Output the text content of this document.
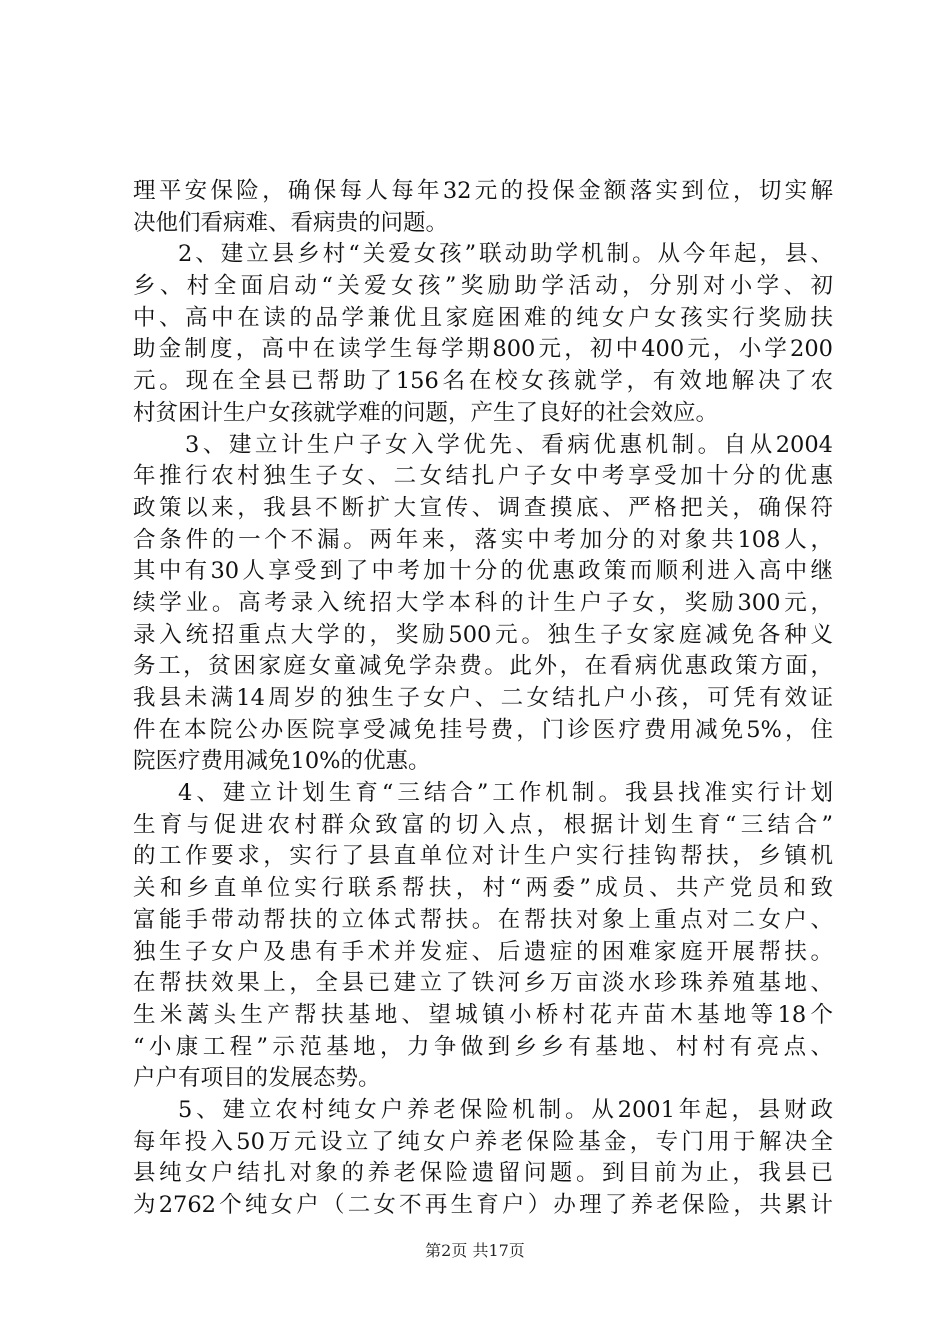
理平安保险，确保每人每年32元的投保金额落实到位，切实解
决他们看病难、看病贵的问题。
2、建立县乡村“关爱女孩”联动助学机制。从今年起，县、
乡、村全面启动“关爱女孩”奖励助学活动，分别对小学、初
中、高中在读的品学兼优且家庭困难的纯女户女孩实行奖励扶
助金制度，高中在读学生每学期800元，初中400元，小学200
元。现在全县已帮助了156名在校女孩就学，有效地解决了农
村贫困计生户女孩就学难的问题，产生了良好的社会效应。
3、建立计生户子女入学优先、看病优惠机制。自从2004
年推行农村独生子女、二女结扎户子女中考享受加十分的优惠
政策以来，我县不断扩大宣传、调查摸底、严格把关，确保符
合条件的一个不漏。两年来，落实中考加分的对象共108人，
其中有30人享受到了中考加十分的优惠政策而顺利进入高中继
续学业。高考录入统招大学本科的计生户子女，奖励300元，
录入统招重点大学的，奖励500元。独生子女家庭减免各种义
务工，贫困家庭女童减免学杂费。此外，在看病优惠政策方面，
我县未满14周岁的独生子女户、二女结扎户小孩，可凭有效证
件在本院公办医院享受减免挂号费，门诊医疗费用减免5%，住
院医疗费用减免10%的优惠。
4、建立计划生育“三结合”工作机制。我县找准实行计划
生育与促进农村群众致富的切入点，根据计划生育“三结合”
的工作要求，实行了县直单位对计生户实行挂钩帮扶，乡镇机
关和乡直单位实行联系帮扶，村“两委”成员、共产党员和致
富能手带动帮扶的立体式帮扶。在帮扶对象上重点对二女户、
独生子女户及患有手术并发症、后遗症的困难家庭开展帮扶。
在帮扶效果上，全县已建立了铁河乡万亩淡水珍珠养殖基地、
生米蓠头生产帮扶基地、望城镇小桥村花卉苗木基地等18个
“小康工程”示范基地，力争做到乡乡有基地、村村有亮点、
户户有项目的发展态势。
5、建立农村纯女户养老保险机制。从2001年起，县财政
每年投入50万元设立了纯女户养老保险基金，专门用于解决全
县纯女户结扎对象的养老保险遗留问题。到目前为止，我县已
为2762个纯女户（二女不再生育户）办理了养老保险，共累计
第2页 共17页
